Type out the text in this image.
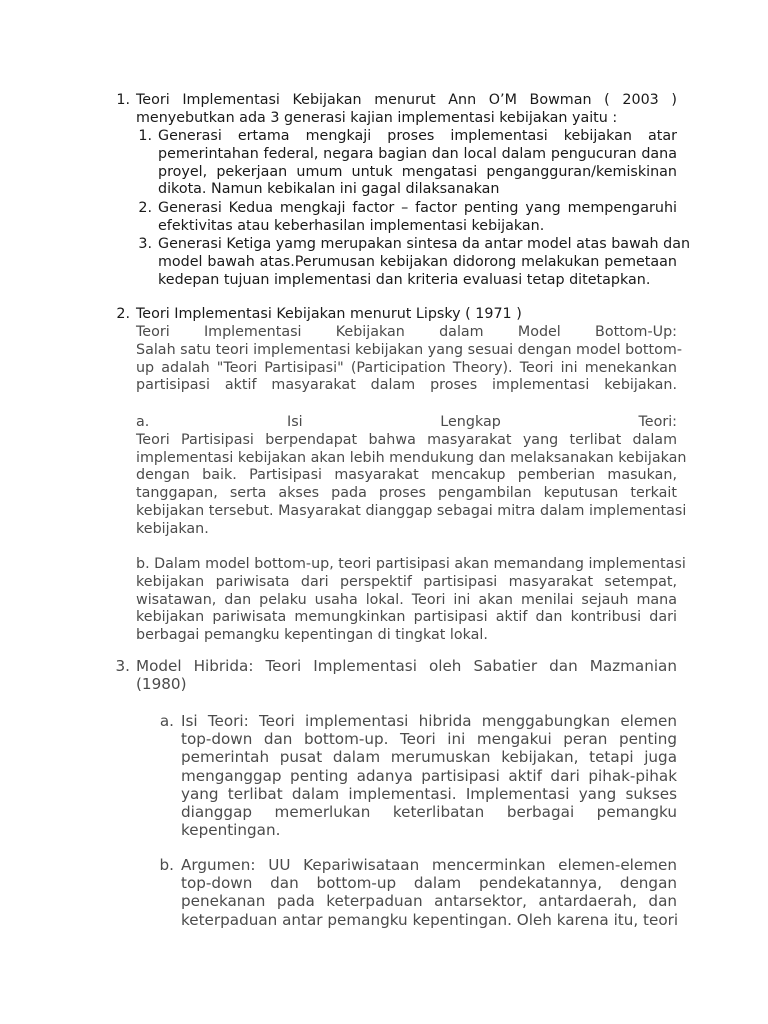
1. Teori Implementasi Kebijakan menurut Ann O’M Bowman ( 2003 )
menyebutkan ada 3 generasi kajian implementasi kebijakan yaitu :
1. Generasi ertama mengkaji proses implementasi kebijakan atar
pemerintahan federal, negara bagian dan local dalam pengucuran dana
proyel, pekerjaan umum untuk mengatasi pengangguran/kemiskinan
dikota. Namun kebikalan ini gagal dilaksanakan
2. Generasi Kedua mengkaji factor – factor penting yang mempengaruhi
efektivitas atau keberhasilan implementasi kebijakan.
3. Generasi Ketiga yamg merupakan sintesa da antar model atas bawah dan
model bawah atas.Perumusan kebijakan didorong melakukan pemetaan
kedepan tujuan implementasi dan kriteria evaluasi tetap ditetapkan.
2. Teori Implementasi Kebijakan menurut Lipsky ( 1971 )
Teori Implementasi Kebijakan dalam Model Bottom-Up:
Salah satu teori implementasi kebijakan yang sesuai dengan model bottom-
up adalah "Teori Partisipasi" (Participation Theory). Teori ini menekankan
partisipasi aktif masyarakat dalam proses implementasi kebijakan.
a. Isi Lengkap Teori:
Teori Partisipasi berpendapat bahwa masyarakat yang terlibat dalam
implementasi kebijakan akan lebih mendukung dan melaksanakan kebijakan
dengan baik. Partisipasi masyarakat mencakup pemberian masukan,
tanggapan, serta akses pada proses pengambilan keputusan terkait
kebijakan tersebut. Masyarakat dianggap sebagai mitra dalam implementasi
kebijakan.
b. Dalam model bottom-up, teori partisipasi akan memandang implementasi
kebijakan pariwisata dari perspektif partisipasi masyarakat setempat,
wisatawan, dan pelaku usaha lokal. Teori ini akan menilai sejauh mana
kebijakan pariwisata memungkinkan partisipasi aktif dan kontribusi dari
berbagai pemangku kepentingan di tingkat lokal.
3. Model Hibrida: Teori Implementasi oleh Sabatier dan Mazmanian
(1980)
a. Isi Teori: Teori implementasi hibrida menggabungkan elemen
top-down dan bottom-up. Teori ini mengakui peran penting
pemerintah pusat dalam merumuskan kebijakan, tetapi juga
menganggap penting adanya partisipasi aktif dari pihak-pihak
yang terlibat dalam implementasi. Implementasi yang sukses
dianggap memerlukan keterlibatan berbagai pemangku
kepentingan.
b. Argumen: UU Kepariwisataan mencerminkan elemen-elemen
top-down dan bottom-up dalam pendekatannya, dengan
penekanan pada keterpaduan antarsektor, antardaerah, dan
keterpaduan antar pemangku kepentingan. Oleh karena itu, teori
